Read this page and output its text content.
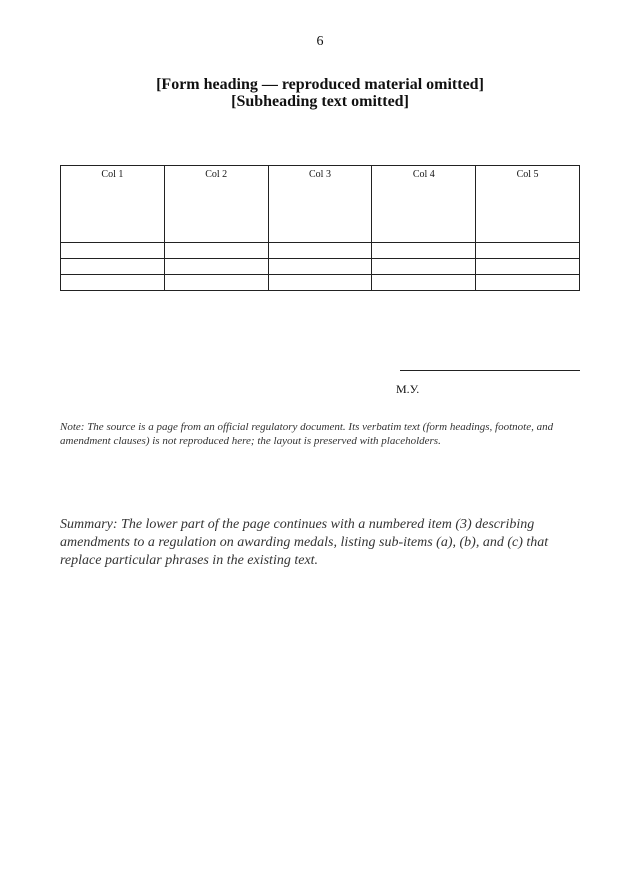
6
[Form heading — reproduced material omitted]
[Subheading text omitted]
Col 1	Col 2	Col 3	Col 4	Col 5

М.У.
Note: The source is a page from an official regulatory document. Its verbatim text (form headings, footnote, and amendment clauses) is not reproduced here; the layout is preserved with placeholders.

Summary: The lower part of the page continues with a numbered item (3) describing amendments to a regulation on awarding medals, listing sub-items (a), (b), and (c) that replace particular phrases in the existing text.
